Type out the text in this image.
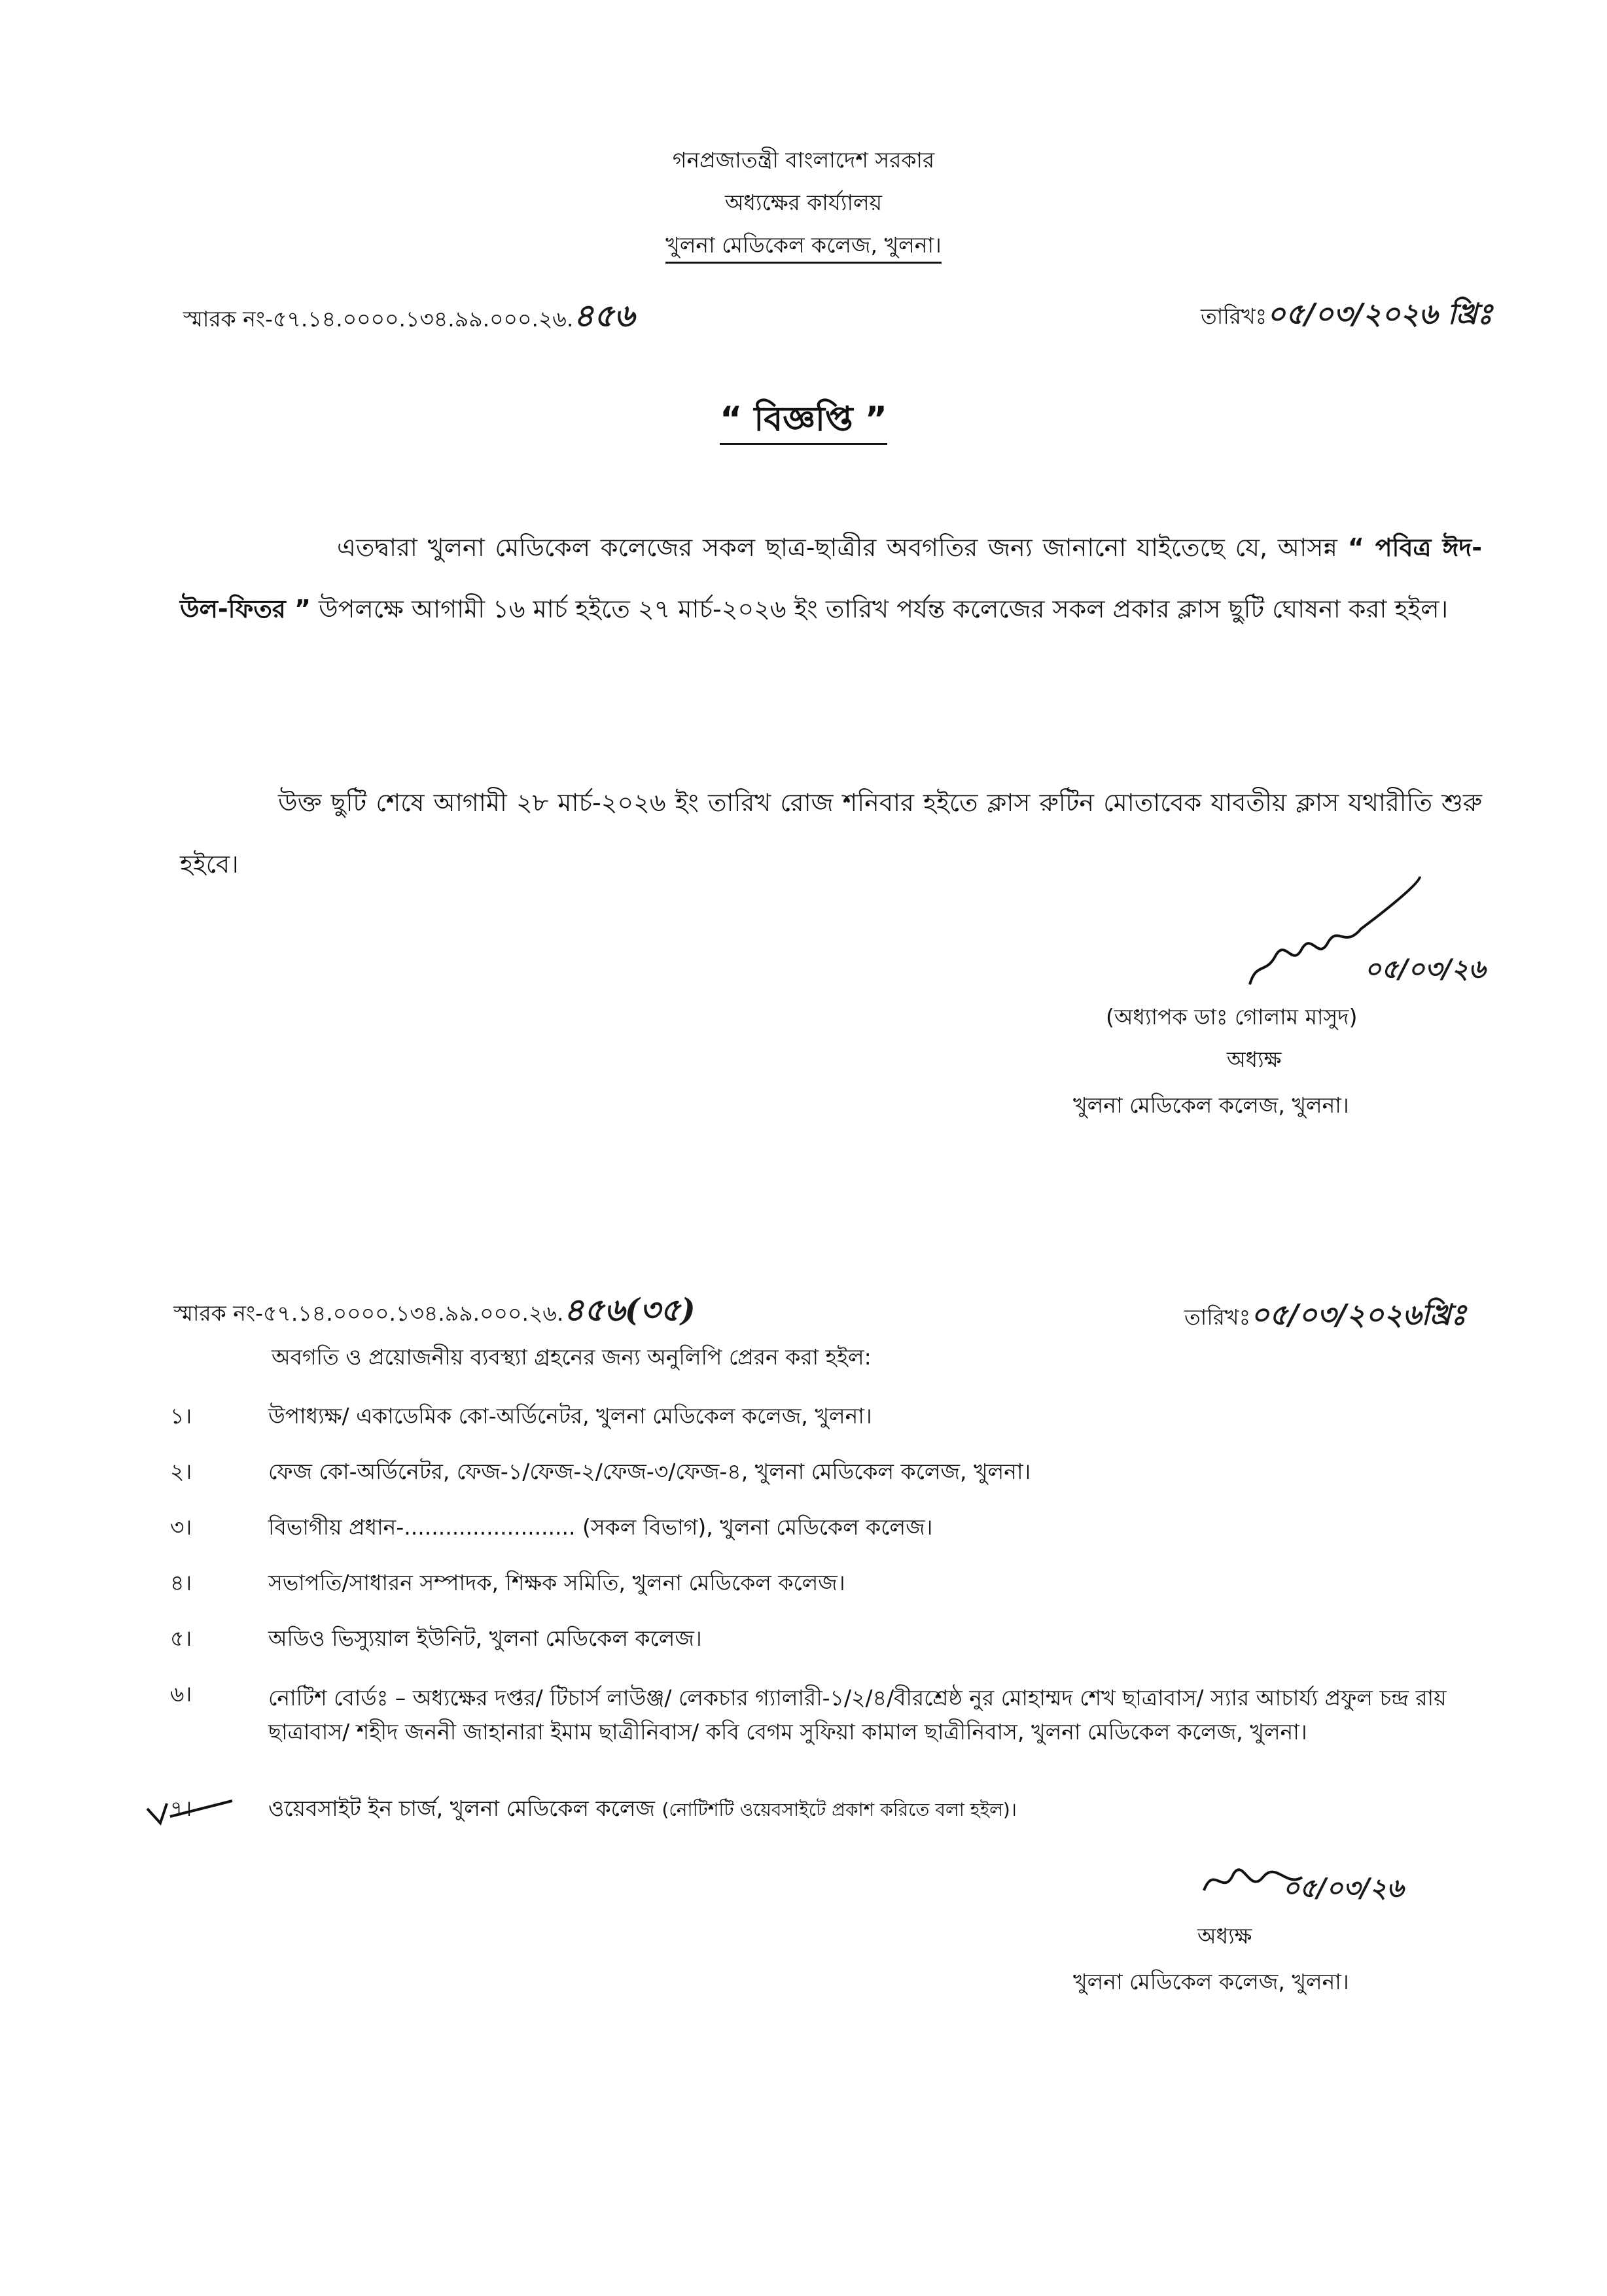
গনপ্রজাতন্ত্রী বাংলাদেশ সরকার
অধ্যক্ষের কার্য্যালয়
খুলনা মেডিকেল কলেজ, খুলনা।
স্মারক নং-৫৭.১৪.০০০০.১৩৪.৯৯.০০০.২৬.৪৫৬	তারিখঃ০৫/০৩/২০২৬ খ্রিঃ
“ বিজ্ঞপ্তি ”
এতদ্বারা খুলনা মেডিকেল কলেজের সকল ছাত্র-ছাত্রীর অবগতির জন্য জানানো যাইতেছে যে, আসন্ন “ পবিত্র ঈদ-উল-ফিতর ” উপলক্ষে আগামী ১৬ মার্চ হইতে ২৭ মার্চ-২০২৬ ইং তারিখ পর্যন্ত কলেজের সকল প্রকার ক্লাস ছুটি ঘোষনা করা হইল।
উক্ত ছুটি শেষে আগামী ২৮ মার্চ-২০২৬ ইং তারিখ রোজ শনিবার হইতে ক্লাস রুটিন মোতাবেক যাবতীয় ক্লাস যথারীতি শুরু হইবে।
০৫/০৩/২৬
(অধ্যাপক ডাঃ গোলাম মাসুদ)
অধ্যক্ষ
খুলনা মেডিকেল কলেজ, খুলনা।
স্মারক নং-৫৭.১৪.০০০০.১৩৪.৯৯.০০০.২৬.৪৫৬(৩৫)	তারিখঃ০৫/০৩/২০২৬খ্রিঃ
অবগতি ও প্রয়োজনীয় ব্যবস্থ্যা গ্রহনের জন্য অনুলিপি প্রেরন করা হইল:
১।	উপাধ্যক্ষ/ একাডেমিক কো-অর্ডিনেটর, খুলনা মেডিকেল কলেজ, খুলনা।
২।	ফেজ কো-অর্ডিনেটর, ফেজ-১/ফেজ-২/ফেজ-৩/ফেজ-৪, খুলনা মেডিকেল কলেজ, খুলনা।
৩।	বিভাগীয় প্রধান-......................... (সকল বিভাগ), খুলনা মেডিকেল কলেজ।
৪।	সভাপতি/সাধারন সম্পাদক, শিক্ষক সমিতি, খুলনা মেডিকেল কলেজ।
৫।	অডিও ভিস্যুয়াল ইউনিট, খুলনা মেডিকেল কলেজ।
৬।	নোটিশ বোর্ডঃ – অধ্যক্ষের দপ্তর/ টিচার্স লাউঞ্জ/ লেকচার গ্যালারী-১/২/৪/বীরশ্রেষ্ঠ নুর মোহাম্মদ শেখ ছাত্রাবাস/ স্যার আচার্য্য প্রফুল চন্দ্র রায় ছাত্রাবাস/ শহীদ জননী জাহানারা ইমাম ছাত্রীনিবাস/ কবি বেগম সুফিয়া কামাল ছাত্রীনিবাস, খুলনা মেডিকেল কলেজ, খুলনা।
৭।	ওয়েবসাইট ইন চার্জ, খুলনা মেডিকেল কলেজ (নোটিশটি ওয়েবসাইটে প্রকাশ করিতে বলা হইল)।
০৫/০৩/২৬
অধ্যক্ষ
খুলনা মেডিকেল কলেজ, খুলনা।
